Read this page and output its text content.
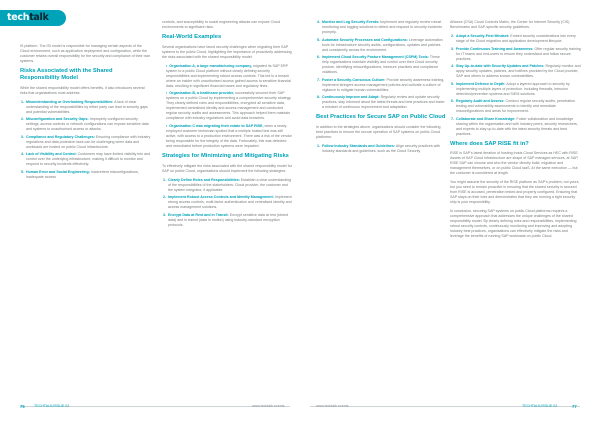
tech talk

IS platform. The ISI model is responsible for managing certain aspects of the Cloud environment, such as application deployment and configuration, while the customer retains overall responsibility for the security and compliance of their own systems.

Risks Associated with the Shared Responsibility Model

While the shared responsibility model offers benefits, it also introduces several risks that organisations must address:

1. Misunderstanding or Overlooking Responsibilities: A lack of clear understanding of the responsibilities by either party can lead to security gaps and potential vulnerabilities.
2. Misconfiguration and Security Gaps: Improperly configured security settings, access controls or network configurations can expose sensitive data and systems to unauthorised access or attacks.
3. Compliance and Regulatory Challenges: Ensuring compliance with industry regulations and data protection laws can be challenging when data and workloads are hosted on public Cloud infrastructure.
4. Lack of Visibility and Control: Customers may have limited visibility into and control over the underlying infrastructure, making it difficult to monitor and respond to security incidents effectively.
5. Human Error and Social Engineering: Inadvertent misconfigurations, inadequate access

controls, and susceptibility to social engineering attacks can expose Cloud environments to significant risks.

Real-World Examples

Several organisations have faced security challenges when migrating their SAP systems to the public Cloud, highlighting the importance of proactively addressing the risks associated with the shared responsibility model:

• Organisation A, a large manufacturing company, migrated its SAP ERP system to a public Cloud platform without clearly defining security responsibilities and implementing robust access controls. This led to a breach where an insider with unauthorised access gained access to sensitive financial data, resulting in significant financial losses and regulatory fines.
• Organisation B, a healthcare provider, successfully secured their SAP systems on a public Cloud by implementing a comprehensive security strategy. They clearly defined roles and responsibilities, encrypted all sensitive data, implemented centralised identity and access management and conducted regular security audits and assessments. This approach helped them maintain compliance with industry regulations and avoid data breaches.
• Organisation C was migrating their estate to SAP RISE, when a newly-employed customer technician spotted that a multiple hosted test was still active, with access to a production environment. There was a risk of the vendor being responsible for the integrity of the data. Fortunately, this was detected and remediated before production systems were impacted.
Strategies for Minimizing and Mitigating Risks

To effectively mitigate the risks associated with the shared responsibility model for SAP on public Cloud, organisations should implement the following strategies:

1. Clearly Define Roles and Responsibilities: Establish a clear understanding of the responsibilities of the stakeholders: Cloud provider, the customer and the system integrator, if applicable.
2. Implement Robust Access Controls and Identity Management: Implement strong access controls, multi-factor authentication and centralised identity and access management solutions.
3. Encrypt Data at Rest and in Transit: Encrypt sensitive data at rest (stored data) and in transit (data in motion) using industry-standard encryption protocols.
4. Monitor and Log Security Events: Implement and regularly review robust monitoring and logging solutions to detect and respond to security incidents promptly.
5. Automate Security Processes and Configurations: Leverage automation tools for infrastructure security audits, configurations, updates and patches and consistently across the environment.
6. Implement Cloud Security Posture Management (CSPM) Tools: These help organisations maintain visibility and control over their Cloud security posture, identifying misconfigurations, insecure practices and compliance violations.
7. Foster a Security-Conscious Culture: Provide security awareness training, implement stringent access management policies and cultivate a culture of vigilance to mitigate human vulnerabilities.
8. Continuously Improve and Adapt: Regularly review and update security practices, stay informed about the latest threats and best practices and foster a mindset of continuous improvement and adaptation.
Best Practices for Secure SAP on Public Cloud

In addition to the strategies above, organisations should consider the following best practices to ensure the secure operation of SAP systems on public Cloud platforms:

1. Follow Industry Standards and Guidelines: Align security practices with industry standards and guidelines, such as the Cloud Security

Alliance (CSA) Cloud Controls Matrix, the Center for Internet Security (CIS) Benchmarks and SAP-specific security guidelines.

2. Adopt a Security-First Mindset: Embed security considerations into every stage of the Cloud migration and application development lifecycle.
3. Provide Continuous Training and Awareness: Offer regular security training for IT teams and end-users to ensure they understand and follow secure practices.
4. Stay Up-to-date with Security Updates and Patches: Regularly monitor and apply security updates, patches, and hotfixes provided by the Cloud provider, SAP and others to address known vulnerabilities.
5. Implement Defence in Depth: Adopt a layered approach to security by implementing multiple layers of protection, including firewalls, intrusion detection/prevention systems and SIEM solutions.
6. Regularly Audit and Assess: Conduct regular security audits, penetration testing and vulnerability assessments to identify and remediate misconfigurations and areas for improvement.
7. Collaborate and Share Knowledge: Foster collaboration and knowledge sharing within the organisation and with industry peers, security researchers, and experts to stay up-to-date with the latest security threats and best practices.
Where does SAP RISE fit in?

RISE is SAP's latest iteration of hosting trusts Cloud Services as HEC with RISE. Assets of SAP Cloud infrastructure are shape of SAP managed services, at SAP, RISE SAP can choose and who the vendor directly build, migration and management themselves, or on public Cloud IaaS. At the same execution — but the customer is considered at length.

You might assume the security of the RISE platform as SAP's problem, not yours, but you need to remain proactive in ensuring that the shared security is secured from RISE is accused, penetration tested and properly configured. Ensuring that SAP stays on their toes and demonstrates that they are running a tight security ship is your responsibility.

In conclusion, securing SAP systems on public Cloud platforms requires a comprehensive approach that addresses the unique challenges of the shared responsibility model. By clearly defining roles and responsibilities, implementing robust security controls, continuously monitoring and improving and adopting industry best practices, organisations can effectively mitigate the risks and leverage the benefits of running SAP workloads on public Cloud.

76	TECHTALK/ISSUE 02	www.techtalk.events	www.techtalk.events	TECHTALK/ISSUE 02	77
